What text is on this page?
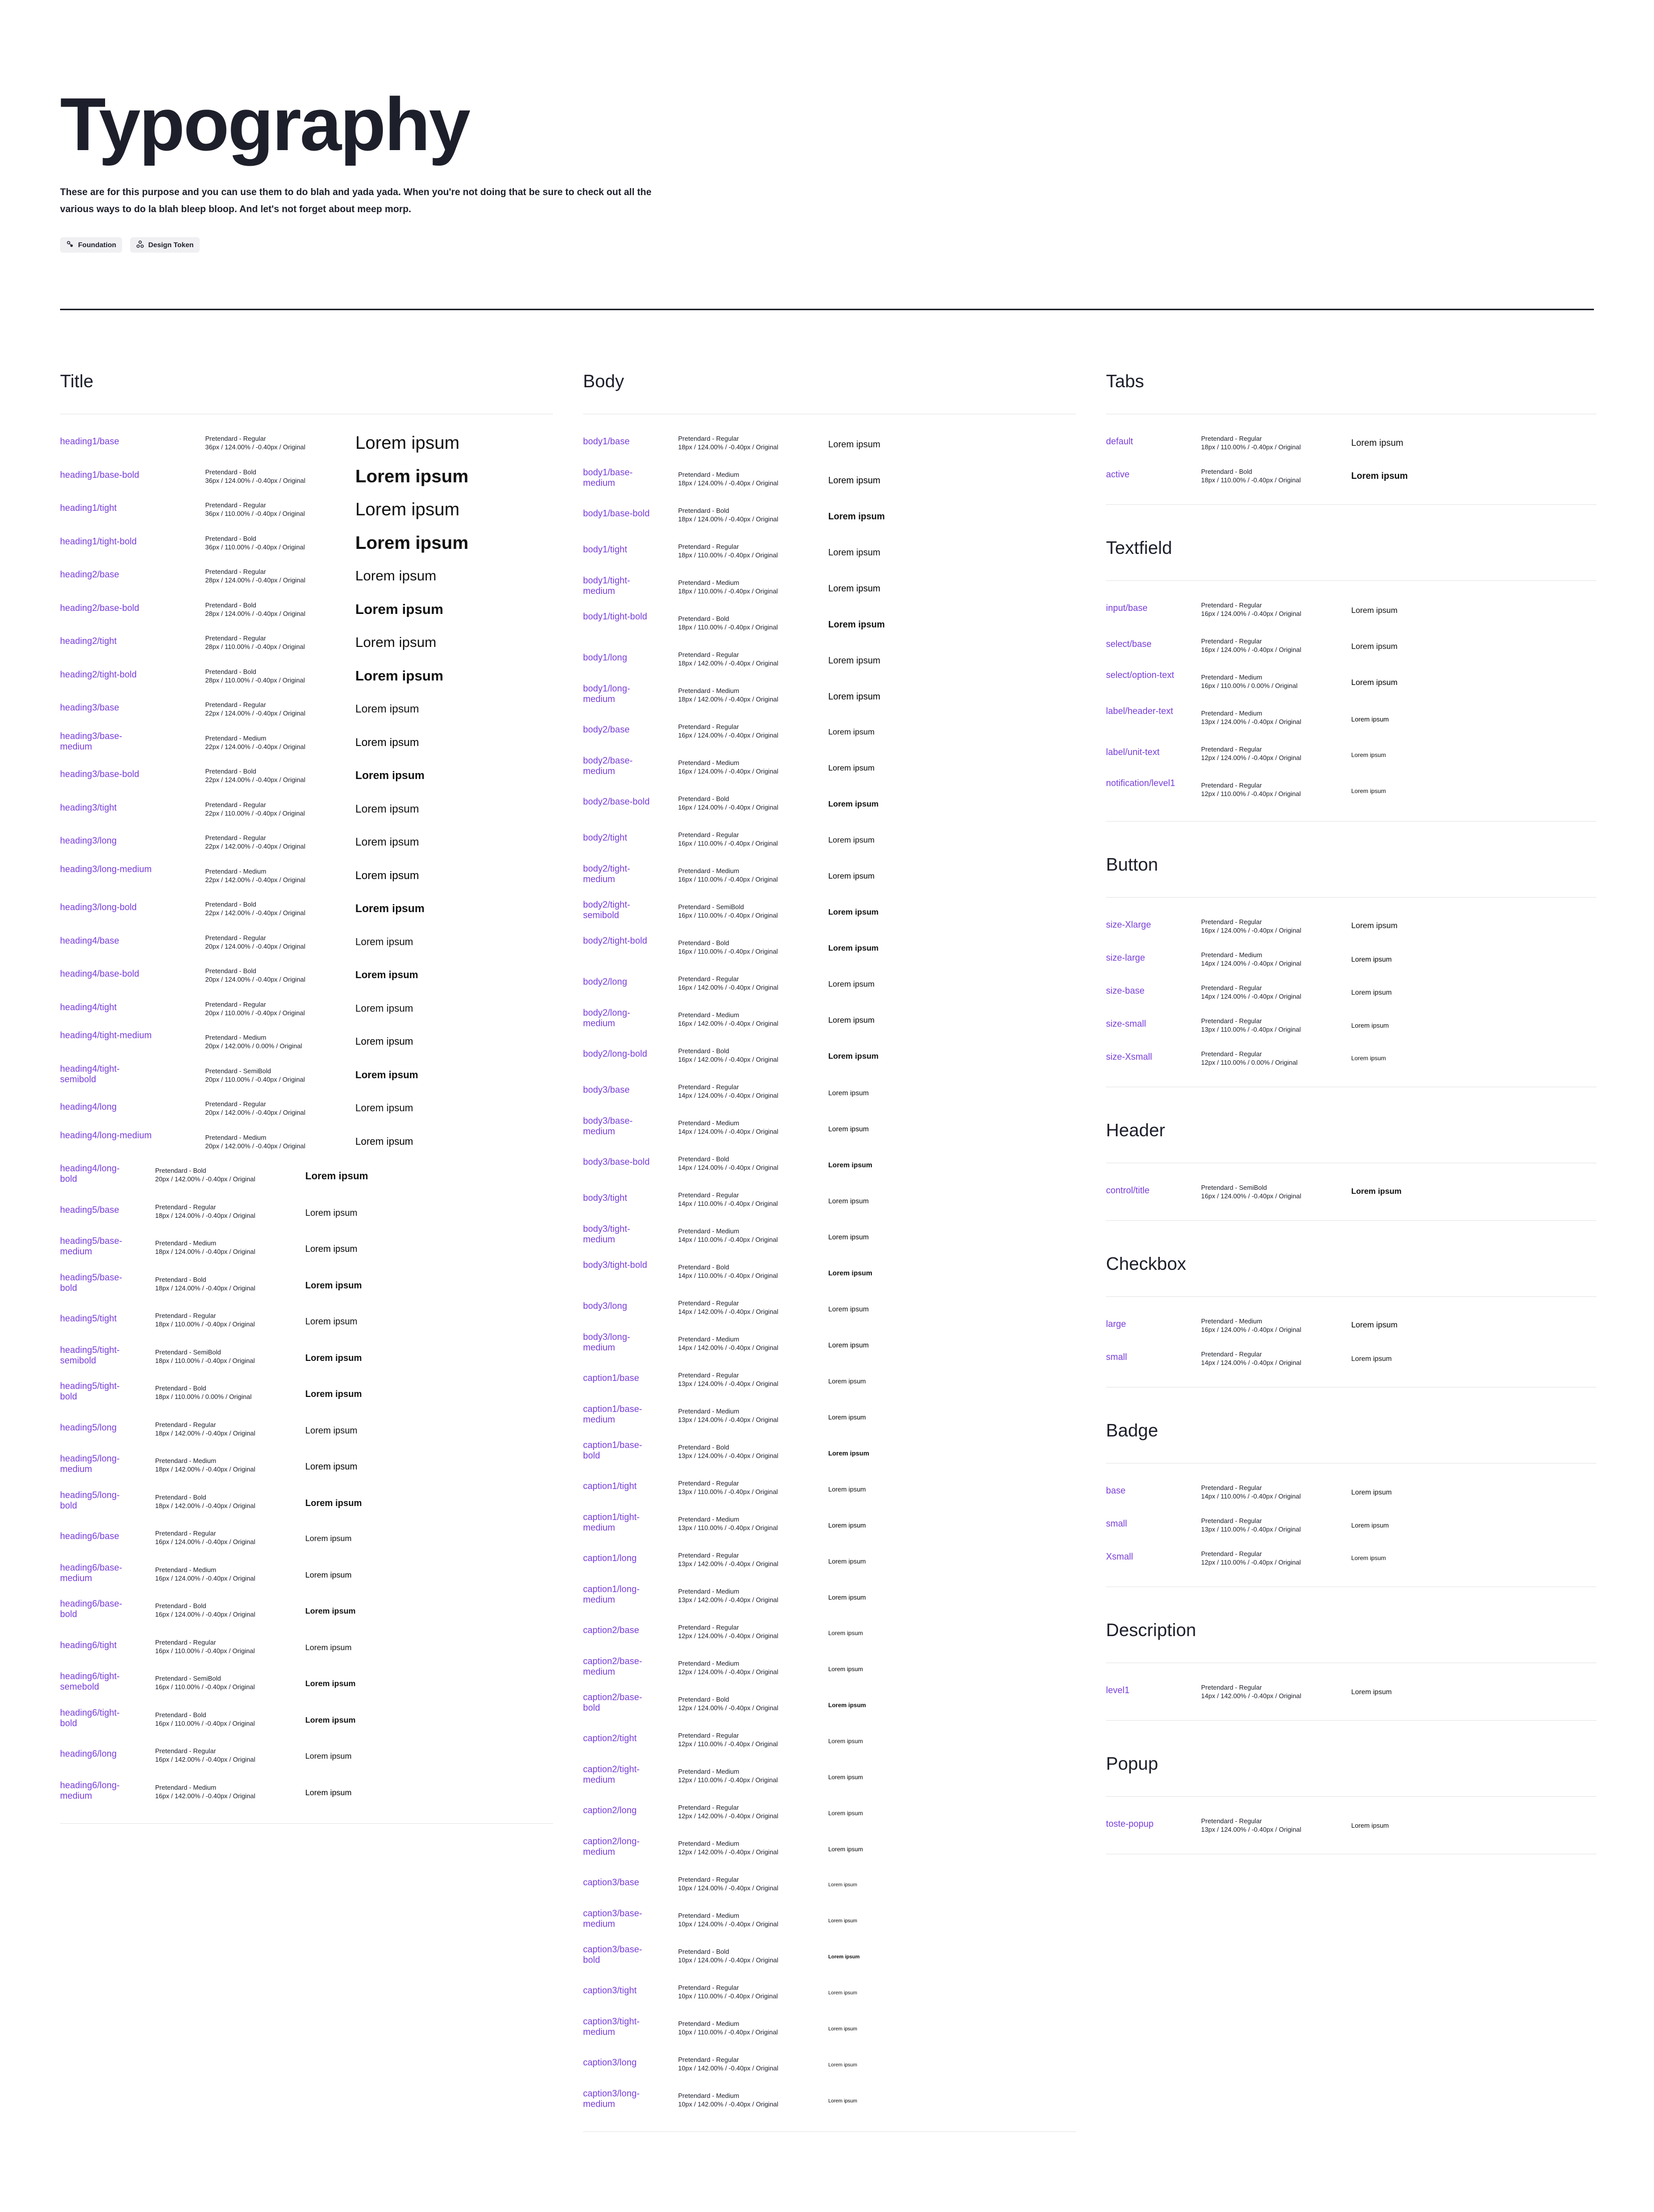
Typography
These are for this purpose and you can use them to do blah and yada yada. When you're not doing that be sure to check out all the various ways to do la blah bleep bloop. And let's not forget about meep morp.
Foundation	Design Token
Title
heading1/base	Pretendard - Regular
36px / 124.00% / -0.40px / Original	Lorem ipsum
heading1/base-bold	Pretendard - Bold
36px / 124.00% / -0.40px / Original	Lorem ipsum
heading1/tight	Pretendard - Regular
36px / 110.00% / -0.40px / Original	Lorem ipsum
heading1/tight-bold	Pretendard - Bold
36px / 110.00% / -0.40px / Original	Lorem ipsum
heading2/base	Pretendard - Regular
28px / 124.00% / -0.40px / Original	Lorem ipsum
heading2/base-bold	Pretendard - Bold
28px / 124.00% / -0.40px / Original	Lorem ipsum
heading2/tight	Pretendard - Regular
28px / 110.00% / -0.40px / Original	Lorem ipsum
heading2/tight-bold	Pretendard - Bold
28px / 110.00% / -0.40px / Original	Lorem ipsum
heading3/base	Pretendard - Regular
22px / 124.00% / -0.40px / Original	Lorem ipsum
heading3/base-medium
Pretendard - Medium
22px / 124.00% / -0.40px / Original	Lorem ipsum
heading3/base-bold	Pretendard - Bold
22px / 124.00% / -0.40px / Original	Lorem ipsum
heading3/tight	Pretendard - Regular
22px / 110.00% / -0.40px / Original	Lorem ipsum
heading3/long	Pretendard - Regular
22px / 142.00% / -0.40px / Original	Lorem ipsum
heading3/long-medium	Pretendard - Medium
22px / 142.00% / -0.40px / Original	Lorem ipsum
heading3/long-bold	Pretendard - Bold
22px / 142.00% / -0.40px / Original	Lorem ipsum
heading4/base	Pretendard - Regular
20px / 124.00% / -0.40px / Original	Lorem ipsum
heading4/base-bold	Pretendard - Bold
20px / 124.00% / -0.40px / Original	Lorem ipsum
heading4/tight	Pretendard - Regular
20px / 110.00% / -0.40px / Original	Lorem ipsum
heading4/tight-medium	Pretendard - Medium
20px / 142.00% / 0.00% / Original	Lorem ipsum
heading4/tight-semibold
Pretendard - SemiBold
20px / 110.00% / -0.40px / Original	Lorem ipsum
heading4/long	Pretendard - Regular
20px / 142.00% / -0.40px / Original	Lorem ipsum
heading4/long-medium	Pretendard - Medium
20px / 142.00% / -0.40px / Original	Lorem ipsum
heading4/long-bold
Pretendard - Bold
20px / 142.00% / -0.40px / Original	Lorem ipsum
heading5/base	Pretendard - Regular
18px / 124.00% / -0.40px / Original	Lorem ipsum
heading5/base-medium
Pretendard - Medium
18px / 124.00% / -0.40px / Original	Lorem ipsum
heading5/base-bold
Pretendard - Bold
18px / 124.00% / -0.40px / Original	Lorem ipsum
heading5/tight	Pretendard - Regular
18px / 110.00% / -0.40px / Original	Lorem ipsum
heading5/tight-semibold
Pretendard - SemiBold
18px / 110.00% / -0.40px / Original	Lorem ipsum
heading5/tight-bold
Pretendard - Bold
18px / 110.00% / 0.00% / Original	Lorem ipsum
heading5/long	Pretendard - Regular
18px / 142.00% / -0.40px / Original	Lorem ipsum
heading5/long-medium
Pretendard - Medium
18px / 142.00% / -0.40px / Original	Lorem ipsum
heading5/long-bold
Pretendard - Bold
18px / 142.00% / -0.40px / Original	Lorem ipsum
heading6/base	Pretendard - Regular
16px / 124.00% / -0.40px / Original	Lorem ipsum
heading6/base-medium
Pretendard - Medium
16px / 124.00% / -0.40px / Original	Lorem ipsum
heading6/base-bold
Pretendard - Bold
16px / 124.00% / -0.40px / Original	Lorem ipsum
heading6/tight	Pretendard - Regular
16px / 110.00% / -0.40px / Original	Lorem ipsum
heading6/tight-semebold
Pretendard - SemiBold
16px / 110.00% / -0.40px / Original	Lorem ipsum
heading6/tight-bold
Pretendard - Bold
16px / 110.00% / -0.40px / Original	Lorem ipsum
heading6/long	Pretendard - Regular
16px / 142.00% / -0.40px / Original	Lorem ipsum
heading6/long-medium
Pretendard - Medium
16px / 142.00% / -0.40px / Original	Lorem ipsum
Body
body1/base	Pretendard - Regular
18px / 124.00% / -0.40px / Original	Lorem ipsum
body1/base-medium
Pretendard - Medium
18px / 124.00% / -0.40px / Original	Lorem ipsum
body1/base-bold	Pretendard - Bold
18px / 124.00% / -0.40px / Original	Lorem ipsum
body1/tight	Pretendard - Regular
18px / 110.00% / -0.40px / Original	Lorem ipsum
body1/tight-medium
Pretendard - Medium
18px / 110.00% / -0.40px / Original	Lorem ipsum
body1/tight-bold	Pretendard - Bold
18px / 110.00% / -0.40px / Original	Lorem ipsum
body1/long	Pretendard - Regular
18px / 142.00% / -0.40px / Original	Lorem ipsum
body1/long-medium
Pretendard - Medium
18px / 142.00% / -0.40px / Original	Lorem ipsum
body2/base	Pretendard - Regular
16px / 124.00% / -0.40px / Original	Lorem ipsum
body2/base-medium
Pretendard - Medium
16px / 124.00% / -0.40px / Original	Lorem ipsum
body2/base-bold	Pretendard - Bold
16px / 124.00% / -0.40px / Original	Lorem ipsum
body2/tight	Pretendard - Regular
16px / 110.00% / -0.40px / Original	Lorem ipsum
body2/tight-medium
Pretendard - Medium
16px / 110.00% / -0.40px / Original	Lorem ipsum
body2/tight-semibold
Pretendard - SemiBold
16px / 110.00% / -0.40px / Original	Lorem ipsum
body2/tight-bold	Pretendard - Bold
16px / 110.00% / -0.40px / Original	Lorem ipsum
body2/long	Pretendard - Regular
16px / 142.00% / -0.40px / Original	Lorem ipsum
body2/long-medium
Pretendard - Medium
16px / 142.00% / -0.40px / Original	Lorem ipsum
body2/long-bold	Pretendard - Bold
16px / 142.00% / -0.40px / Original	Lorem ipsum
body3/base	Pretendard - Regular
14px / 124.00% / -0.40px / Original	Lorem ipsum
body3/base-medium
Pretendard - Medium
14px / 124.00% / -0.40px / Original	Lorem ipsum
body3/base-bold	Pretendard - Bold
14px / 124.00% / -0.40px / Original	Lorem ipsum
body3/tight	Pretendard - Regular
14px / 110.00% / -0.40px / Original	Lorem ipsum
body3/tight-medium
Pretendard - Medium
14px / 110.00% / -0.40px / Original	Lorem ipsum
body3/tight-bold	Pretendard - Bold
14px / 110.00% / -0.40px / Original	Lorem ipsum
body3/long	Pretendard - Regular
14px / 142.00% / -0.40px / Original	Lorem ipsum
body3/long-medium
Pretendard - Medium
14px / 142.00% / -0.40px / Original	Lorem ipsum
caption1/base	Pretendard - Regular
13px / 124.00% / -0.40px / Original	Lorem ipsum
caption1/base-medium
Pretendard - Medium
13px / 124.00% / -0.40px / Original	Lorem ipsum
caption1/base-bold
Pretendard - Bold
13px / 124.00% / -0.40px / Original	Lorem ipsum
caption1/tight	Pretendard - Regular
13px / 110.00% / -0.40px / Original	Lorem ipsum
caption1/tight-medium
Pretendard - Medium
13px / 110.00% / -0.40px / Original	Lorem ipsum
caption1/long	Pretendard - Regular
13px / 142.00% / -0.40px / Original	Lorem ipsum
caption1/long-medium
Pretendard - Medium
13px / 142.00% / -0.40px / Original	Lorem ipsum
caption2/base	Pretendard - Regular
12px / 124.00% / -0.40px / Original	Lorem ipsum
caption2/base-medium
Pretendard - Medium
12px / 124.00% / -0.40px / Original	Lorem ipsum
caption2/base-bold
Pretendard - Bold
12px / 124.00% / -0.40px / Original	Lorem ipsum
caption2/tight	Pretendard - Regular
12px / 110.00% / -0.40px / Original	Lorem ipsum
caption2/tight-medium
Pretendard - Medium
12px / 110.00% / -0.40px / Original	Lorem ipsum
caption2/long	Pretendard - Regular
12px / 142.00% / -0.40px / Original	Lorem ipsum
caption2/long-medium
Pretendard - Medium
12px / 142.00% / -0.40px / Original	Lorem ipsum
caption3/base	Pretendard - Regular
10px / 124.00% / -0.40px / Original	Lorem ipsum
caption3/base-medium
Pretendard - Medium
10px / 124.00% / -0.40px / Original	Lorem ipsum
caption3/base-bold
Pretendard - Bold
10px / 124.00% / -0.40px / Original	Lorem ipsum
caption3/tight	Pretendard - Regular
10px / 110.00% / -0.40px / Original	Lorem ipsum
caption3/tight-medium
Pretendard - Medium
10px / 110.00% / -0.40px / Original	Lorem ipsum
caption3/long	Pretendard - Regular
10px / 142.00% / -0.40px / Original	Lorem ipsum
caption3/long-medium
Pretendard - Medium
10px / 142.00% / -0.40px / Original	Lorem ipsum
Tabs
default	Pretendard - Regular
18px / 110.00% / -0.40px / Original	Lorem ipsum
active	Pretendard - Bold
18px / 110.00% / -0.40px / Original	Lorem ipsum
Textfield
input/base	Pretendard - Regular
16px / 124.00% / -0.40px / Original	Lorem ipsum
select/base	Pretendard - Regular
16px / 124.00% / -0.40px / Original	Lorem ipsum
select/option-text	Pretendard - Medium
16px / 110.00% / 0.00% / Original	Lorem ipsum
label/header-text	Pretendard - Medium
13px / 124.00% / -0.40px / Original	Lorem ipsum
label/unit-text	Pretendard - Regular
12px / 124.00% / -0.40px / Original	Lorem ipsum
notification/level1	Pretendard - Regular
12px / 110.00% / -0.40px / Original	Lorem ipsum
Button
size-Xlarge	Pretendard - Regular
16px / 124.00% / -0.40px / Original
Lorem ipsum
size-large	Pretendard - Medium
14px / 124.00% / -0.40px / Original
Lorem ipsum
size-base	Pretendard - Regular
14px / 124.00% / -0.40px / Original
Lorem ipsum
size-small	Pretendard - Regular
13px / 110.00% / -0.40px / Original
Lorem ipsum
size-Xsmall	Pretendard - Regular
12px / 110.00% / 0.00% / Original
Lorem ipsum
Header
control/title	Pretendard - SemiBold
16px / 124.00% / -0.40px / Original
Lorem ipsum
Checkbox
large	Pretendard - Medium
16px / 124.00% / -0.40px / Original
Lorem ipsum
small	Pretendard - Regular
14px / 124.00% / -0.40px / Original
Lorem ipsum
Badge
base	Pretendard - Regular
14px / 110.00% / -0.40px / Original
Lorem ipsum
small	Pretendard - Regular
13px / 110.00% / -0.40px / Original
Lorem ipsum
Xsmall	Pretendard - Regular
12px / 110.00% / -0.40px / Original
Lorem ipsum
Description
level1	Pretendard - Regular
14px / 142.00% / -0.40px / Original
Lorem ipsum
Popup
toste-popup	Pretendard - Regular
13px / 124.00% / -0.40px / Original
Lorem ipsum
